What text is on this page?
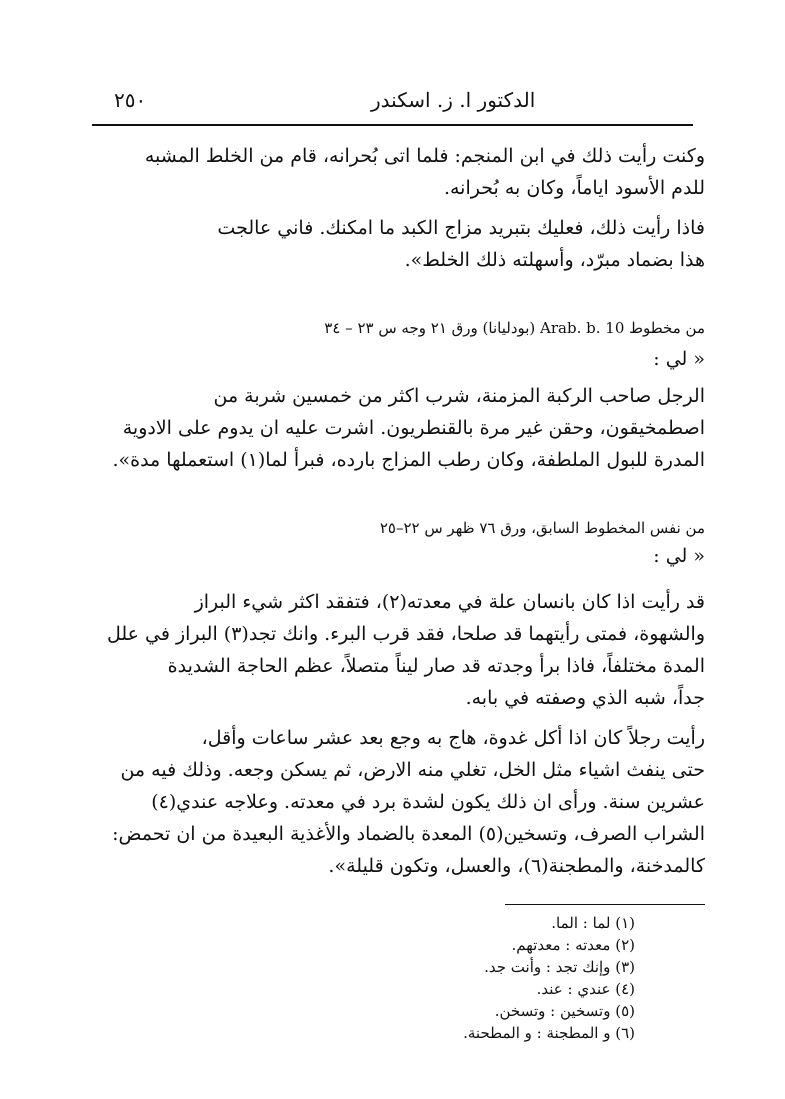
٢٥٠	الدكتور ا. ز. اسكندر
وكنت رأيت ذلك في ابن المنجم: فلما اتى بُحرانه، قام من الخلط المشبه
للدم الأسود اياماً، وكان به بُحرانه.
فاذا رأيت ذلك، فعليك بتبريد مزاج الكبد ما امكنك. فاني عالجت
هذا بضماد مبرّد، وأسهلته ذلك الخلط».
من مخطوط Arab. b. 10 (بودليانا) ورق ٢١ وجه س ٢٣ – ٣٤
« لي :
الرجل صاحب الركبة المزمنة، شرب اكثر من خمسين شربة من
اصطمخيقون، وحقن غير مرة بالقنطريون. اشرت عليه ان يدوم على الادوية
المدرة للبول الملطفة، وكان رطب المزاج بارده، فبرأ لما(١) استعملها مدة».
من نفس المخطوط السابق، ورق ٧٦ ظهر س ٢٢–٢٥
« لي :
قد رأيت اذا كان بانسان علة في معدته(٢)، فتفقد اكثر شيء البراز
والشهوة، فمتى رأيتهما قد صلحا، فقد قرب البرء. وانك تجد(٣) البراز في علل
المدة مختلفاً، فاذا برأ وجدته قد صار ليناً متصلاً، عظم الحاجة الشديدة
جداً، شبه الذي وصفته في بابه.
رأيت رجلاً كان اذا أكل غدوة، هاج به وجع بعد عشر ساعات وأقل،
حتى ينفث اشياء مثل الخل، تغلي منه الارض، ثم يسكن وجعه. وذلك فيه من
عشرين سنة. ورأى ان ذلك يكون لشدة برد في معدته. وعلاجه عندي(٤)
الشراب الصرف، وتسخين(٥) المعدة بالضماد والأغذية البعيدة من ان تحمض:
كالمدخنة، والمطجنة(٦)، والعسل، وتكون قليلة».
(١) لما : الما.
(٢) معدته : معدتهم.
(٣) وإنك تجد : وأنت جد.
(٤) عندي : عند.
(٥) وتسخين : وتسخن.
(٦) و المطجنة : و المطحنة.
